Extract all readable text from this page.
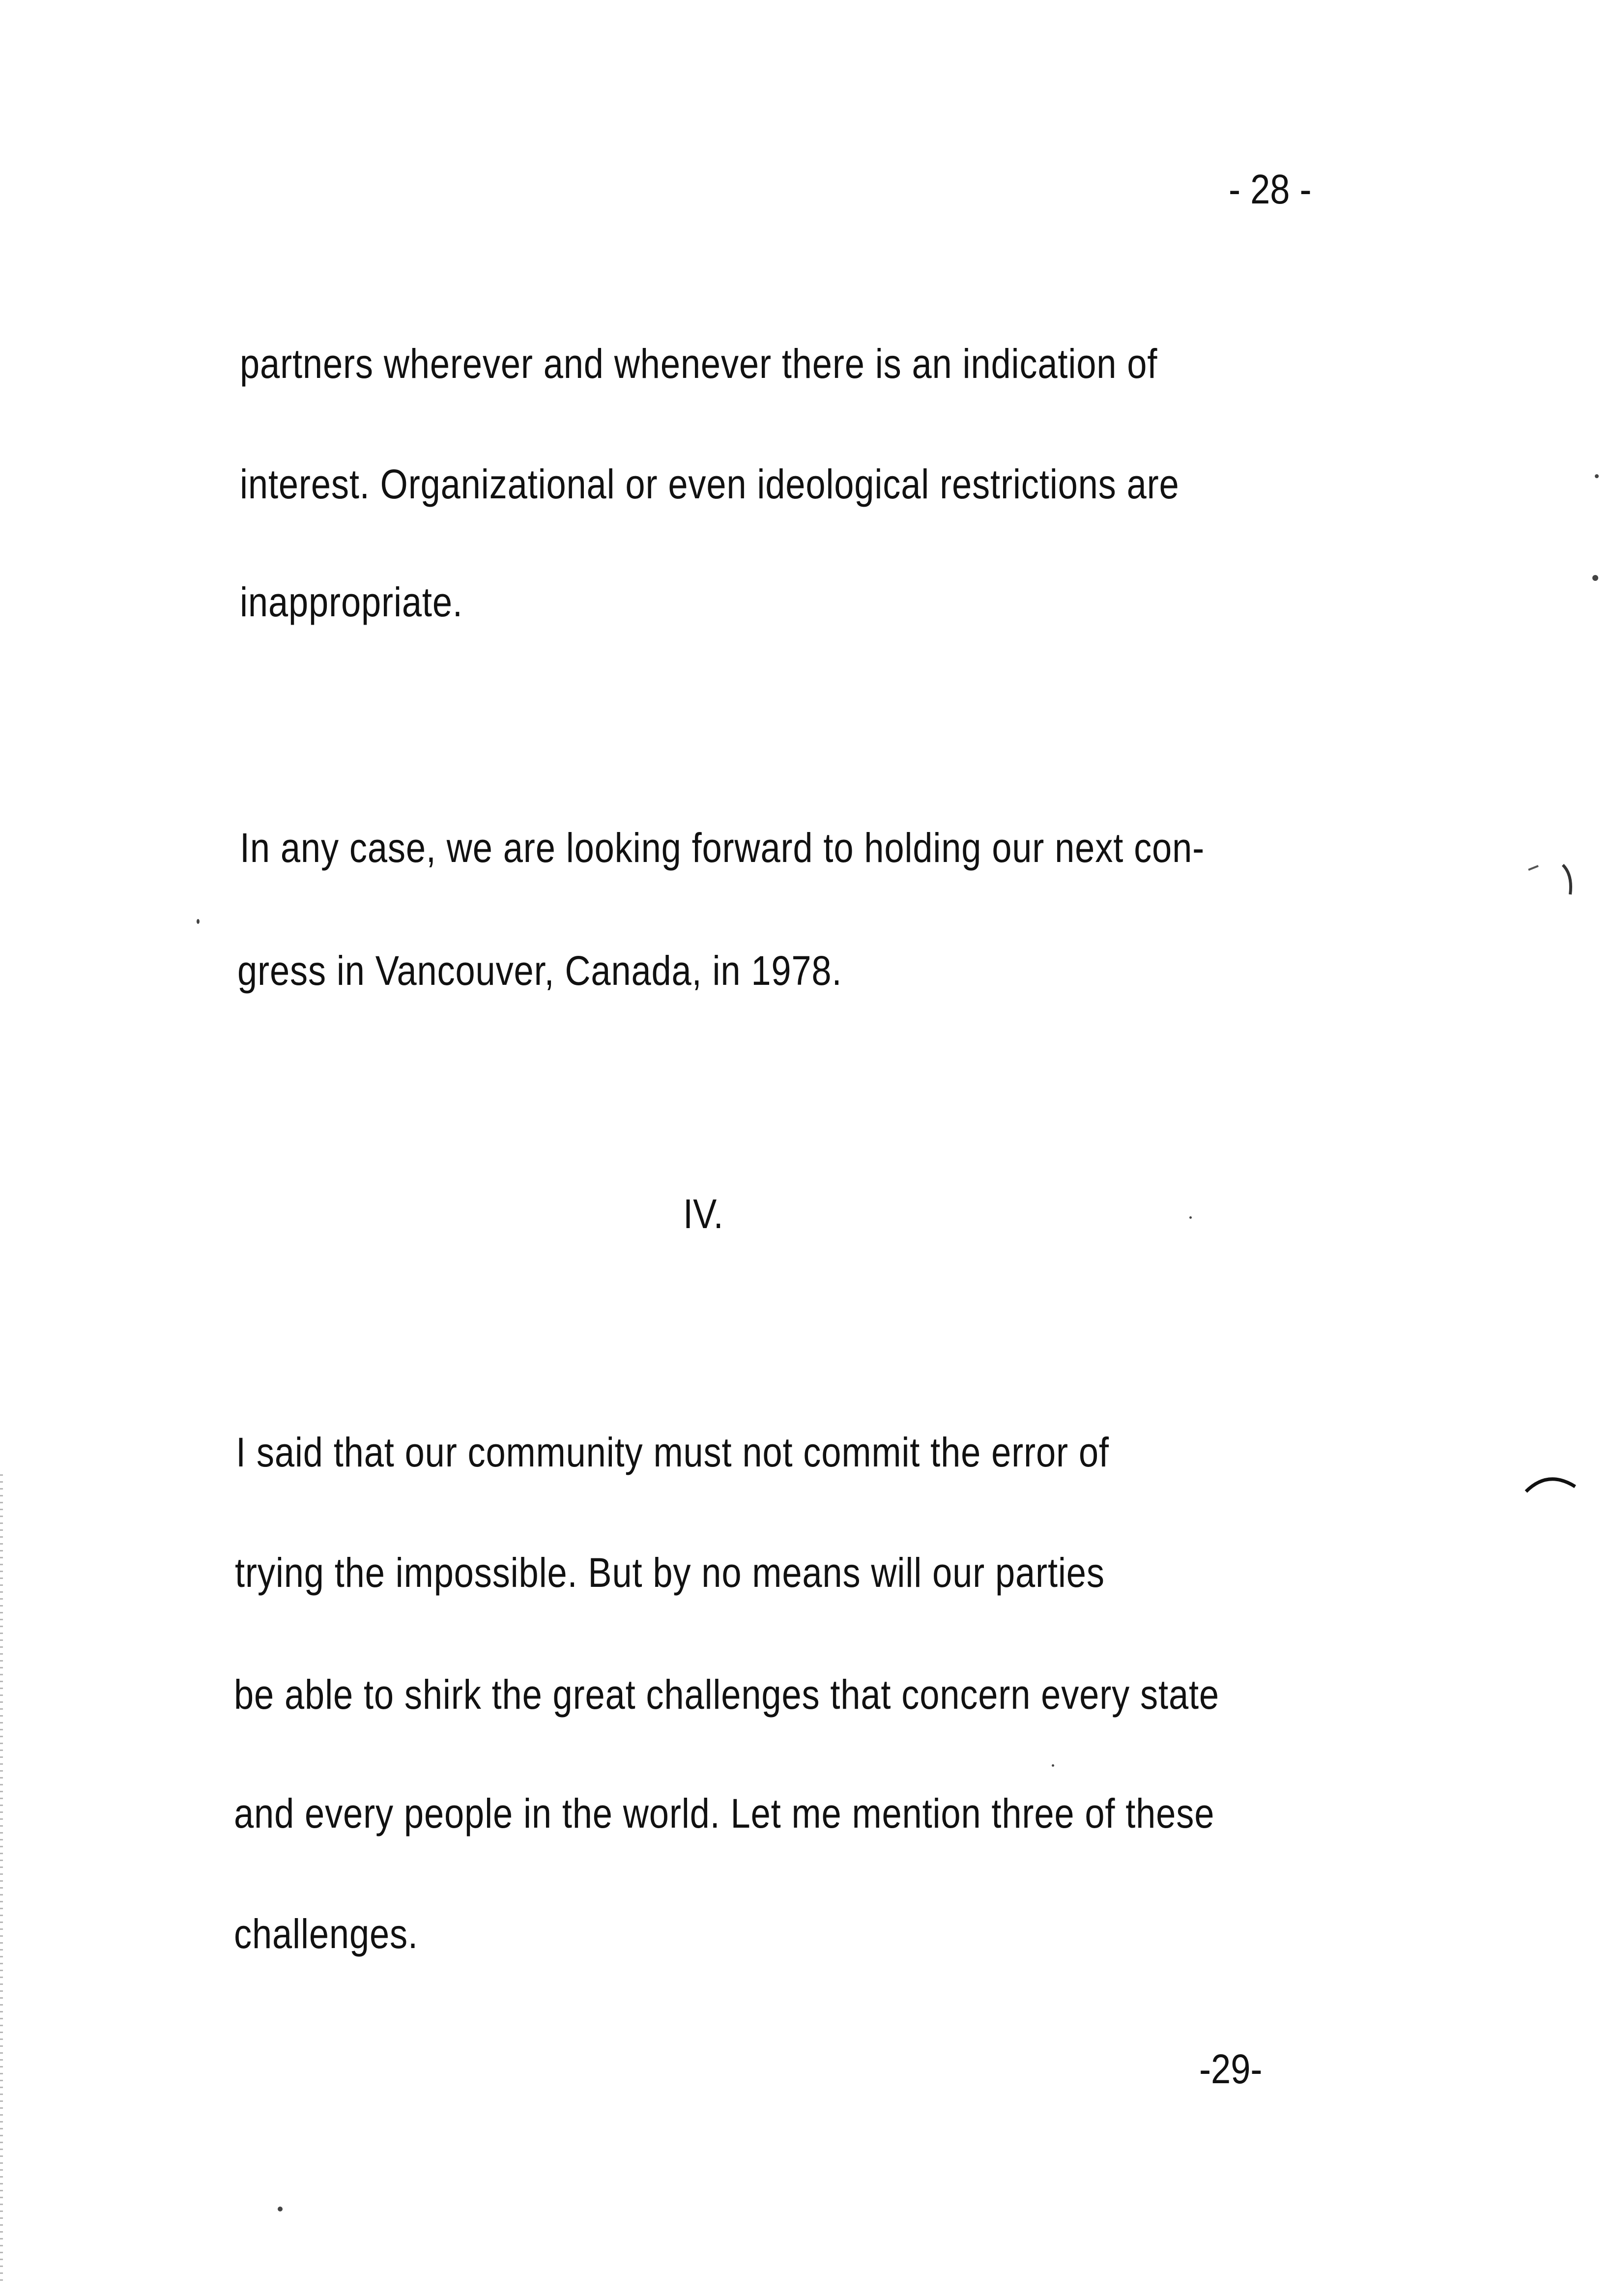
- 28 -
partners wherever and whenever there is an indication of
interest. Organizational or even ideological restrictions are
inappropriate.
In any case, we are looking forward to holding our next con-
gress in Vancouver, Canada, in 1978.
IV.
I said that our community must not commit the error of
trying the impossible. But by no means will our parties
be able to shirk the great challenges that concern every state
and every people in the world. Let me mention three of these
challenges.
-29-
